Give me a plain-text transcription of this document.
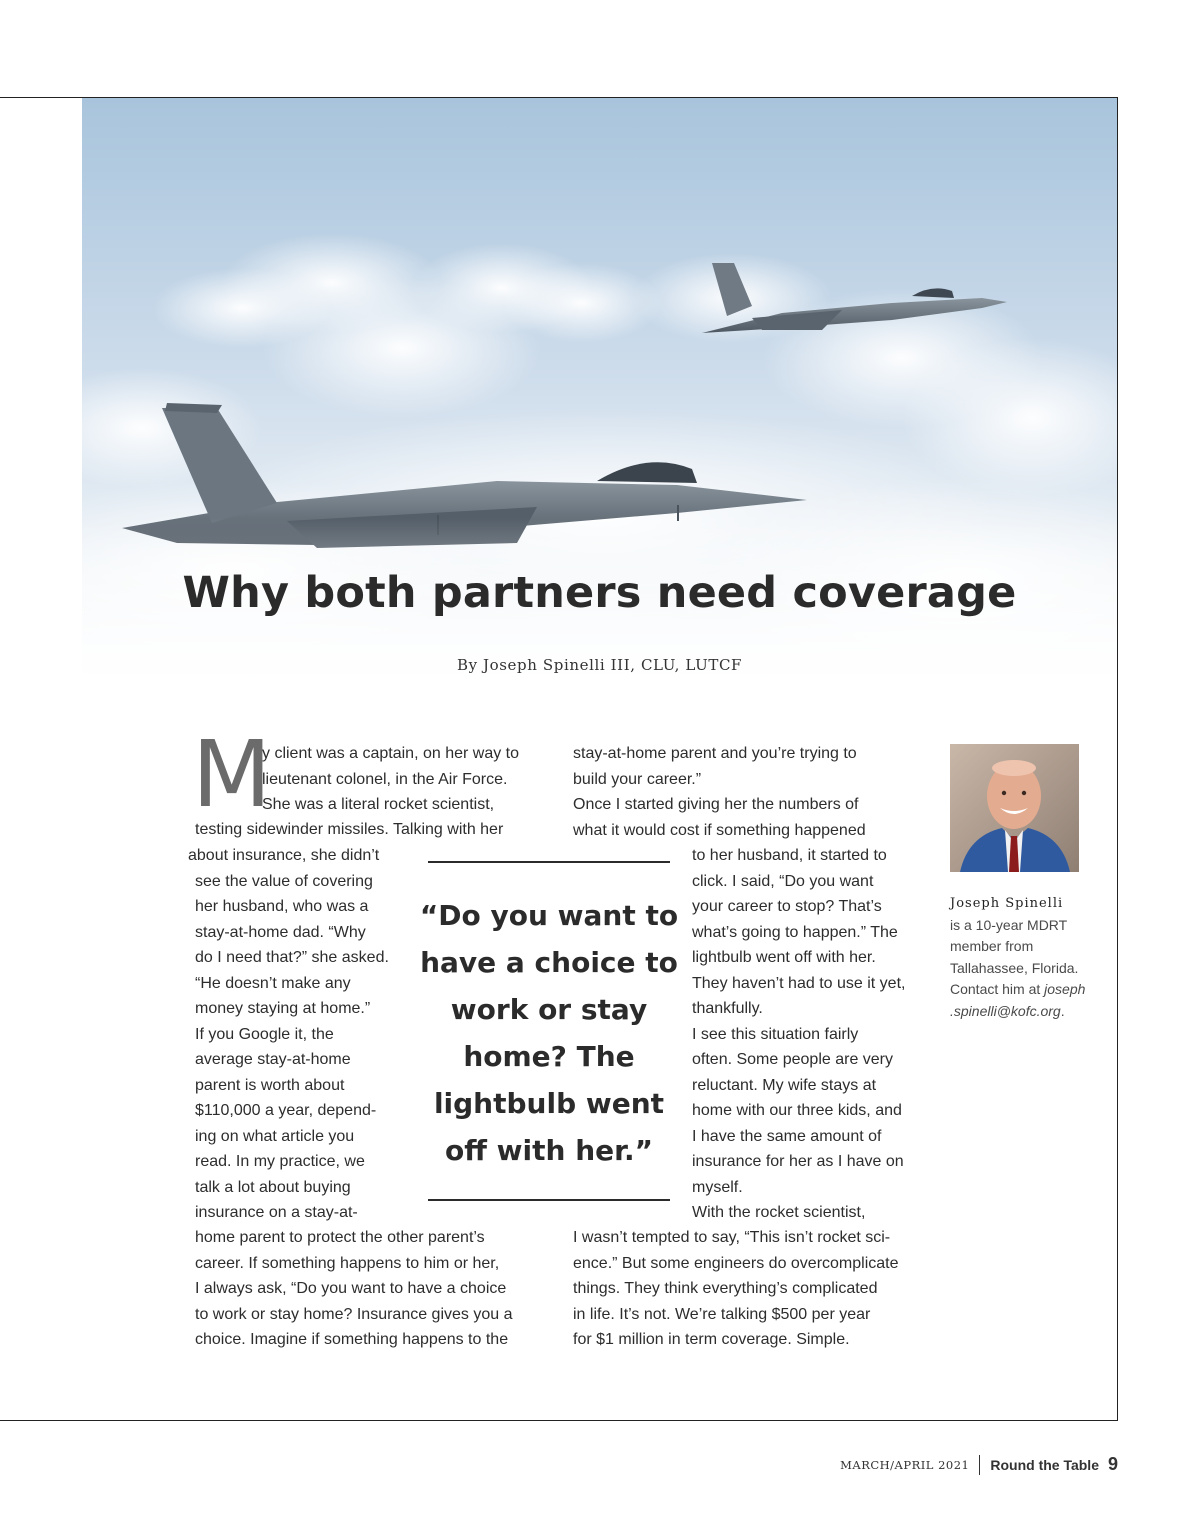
Why both partners need coverage
By Joseph Spinelli III, CLU, LUTCF
M

y client was a captain, on her way to
lieutenant colonel, in the Air Force.
She was a literal rocket scientist,

testing sidewinder missiles. Talking with her

about insurance, she didn’t
see the value of covering
her husband, who was a
stay-at-home dad. “Why
do I need that?” she asked.
“He doesn’t make any
money staying at home.”
If you Google it, the
average stay-at-home
parent is worth about
$110,000 a year, depend-
ing on what article you
read. In my practice, we
talk a lot about buying
insurance on a stay-at-

home parent to protect the other parent’s
career. If something happens to him or her,
I always ask, “Do you want to have a choice
to work or stay home? Insurance gives you a
choice. Imagine if something happens to the

stay-at-home parent and you’re trying to
build your career.”
Once I started giving her the numbers of
what it would cost if something happened

to her husband, it started to
click. I said, “Do you want
your career to stop? That’s
what’s going to happen.” The
lightbulb went off with her.
They haven’t had to use it yet,
thankfully.
I see this situation fairly
often. Some people are very
reluctant. My wife stays at
home with our three kids, and
I have the same amount of
insurance for her as I have on
myself.
With the rocket scientist,

I wasn’t tempted to say, “This isn’t rocket sci-
ence.” But some engineers do overcomplicate
things. They think everything’s complicated
in life. It’s not. We’re talking $500 per year
for $1 million in term coverage. Simple.

“Do you want to have a choice to work or stay home? The lightbulb went off with her.”
Joseph Spinelli
is a 10-year MDRT member from Tallahassee, Florida. Contact him at joseph
.spinelli@kofc.org.
MARCH/APRIL 2021 Round the Table 9
